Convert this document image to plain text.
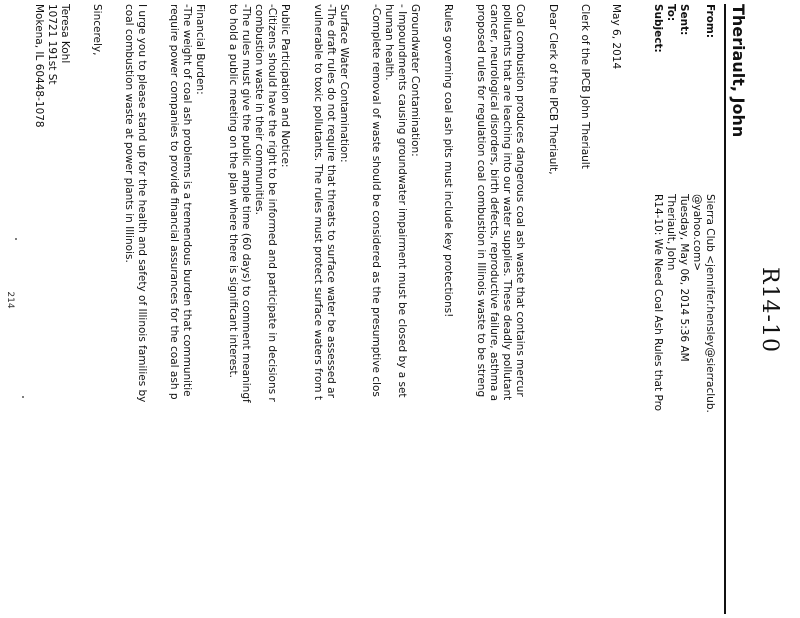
R14-10
Theriault, John
From:
Sierra Club <jennifer.hensley@sierraclub.
@yahoo.com>
Sent:
Tuesday, May 06, 2014 5:36 AM
To:
Theriault, John
Subject:
R14-10: We Need Coal Ash Rules that Pro
May 6, 2014
Clerk of the IPCB John Theriault
Dear Clerk of the IPCB Theriault,
Coal combustion produces dangerous coal ash waste that contains mercur
pollutants that are leaching into our water supplies. These deadly pollutant
cancer, neurological disorders, birth defects, reproductive failure, asthma a
proposed rules for regulation coal combustion in Illinois waste to be streng
Rules governing coal ash pits must include key protections!
Groundwater Contamination:
- Impoundments causing groundwater impairment must be closed by a set
human health.
-Complete removal of waste should be considered as the presumptive clos
Surface Water Contamination:
-The draft rules do not require that threats to surface water be assessed ar
vulnerable to toxic pollutants. The rules must protect surface waters from t
Public Participation and Notice:
-Citizens should have the right to be informed and participate in decisions r
combustion waste in their communities.
-The rules must give the public ample time (60 days) to comment meaningf
to hold a public meeting on the plan where there is significant interest.
Financial Burden:
-The weight of coal ash problems is a tremendous burden that communitie
require power companies to provide financial assurances for the coal ash p
I urge you to please stand up for the health and safety of Illinois families by
coal combustion waste at power plants in Illinois.
Sincerely,
Teresa Kohl
10721 191st St
Mokena, IL 60448-1078
214
